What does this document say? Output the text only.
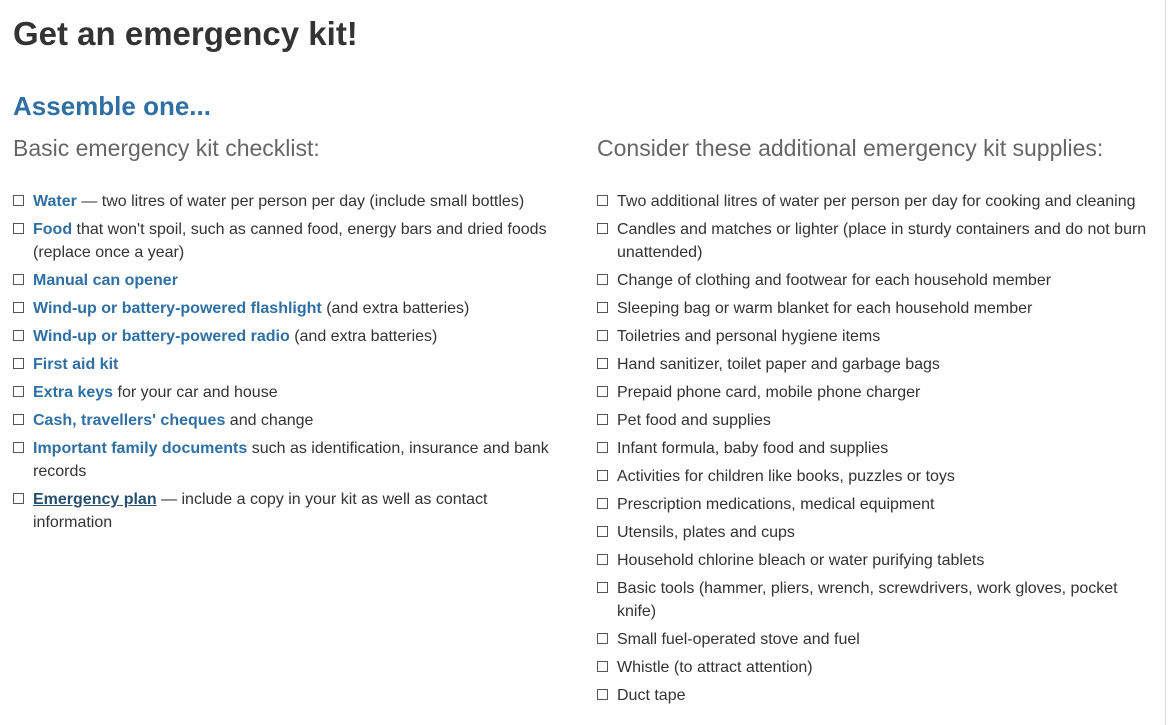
Get an emergency kit!
Assemble one...
Basic emergency kit checklist:
Water — two litres of water per person per day (include small bottles)
Food that won't spoil, such as canned food, energy bars and dried foods (replace once a year)
Manual can opener
Wind-up or battery-powered flashlight (and extra batteries)
Wind-up or battery-powered radio (and extra batteries)
First aid kit
Extra keys for your car and house
Cash, travellers' cheques and change
Important family documents such as identification, insurance and bank records
Emergency plan — include a copy in your kit as well as contact information
Consider these additional emergency kit supplies:
Two additional litres of water per person per day for cooking and cleaning
Candles and matches or lighter (place in sturdy containers and do not burn unattended)
Change of clothing and footwear for each household member
Sleeping bag or warm blanket for each household member
Toiletries and personal hygiene items
Hand sanitizer, toilet paper and garbage bags
Prepaid phone card, mobile phone charger
Pet food and supplies
Infant formula, baby food and supplies
Activities for children like books, puzzles or toys
Prescription medications, medical equipment
Utensils, plates and cups
Household chlorine bleach or water purifying tablets
Basic tools (hammer, pliers, wrench, screwdrivers, work gloves, pocket knife)
Small fuel-operated stove and fuel
Whistle (to attract attention)
Duct tape
